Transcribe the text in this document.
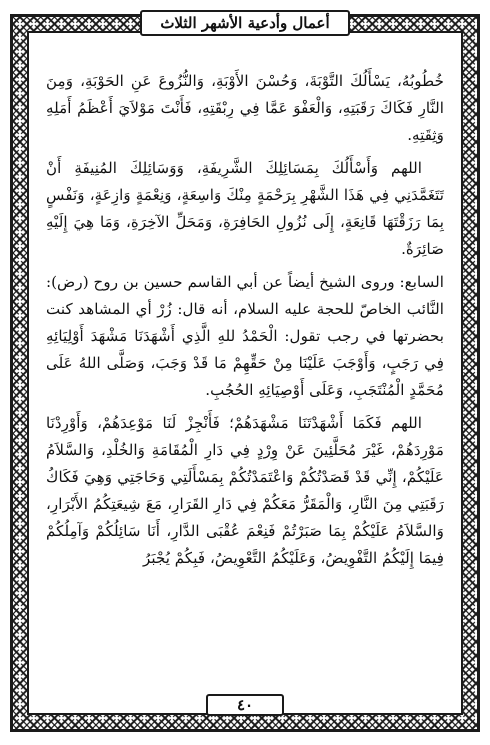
أعمال وأدعية الأشهر الثلاث

خُطُوبُهُ، يَسْأَلُكَ التَّوْبَةَ، وَحُسْنَ الأَوْبَةِ، وَالنُّزُوعَ عَنِ الحَوْبَةِ، وَمِنَ النَّارِ فَكَاكَ رَقَبَتِهِ، وَالْعَفْوَ عَمَّا فِي رِبْقَتِهِ، فَأَنْتَ مَوْلاَيَ أَعْظَمُ أَمَلِهِ وَثِقَتِهِ.

اللهم وَأَسْأَلُكَ بِمَسَائِلِكَ الشَّرِيفَةِ، وَوَسَائِلِكَ المُنِيفَةِ أَنْ تَتَغَمَّدَنِي فِي هَذَا الشَّهْرِ بِرَحْمَةٍ مِنْكَ وَاسِعَةٍ، وَنِعْمَةٍ وَازِعَةٍ، وَنَفْسٍ بِمَا رَزَقْتَهَا قَانِعَةٍ، إِلَى نُزُولِ الحَافِرَةِ، وَمَحَلِّ الآخِرَةِ، وَمَا هِيَ إِلَيْهِ صَائِرَةٌ.

السابع: وروى الشيخ أيضاً عن أبي القاسم حسين بن روح (رض): النَّائب الخاصّ للحجة عليه السلام، أنه قال: زُرْ أي المشاهد كنت بحضرتها في رجب تقول: الْحَمْدُ للهِ الَّذِي أَشْهَدَنَا مَشْهَدَ أَوْلِيَائِهِ فِي رَجَبٍ، وَأَوْجَبَ عَلَيْنَا مِنْ حَقِّهِمْ مَا قَدْ وَجَبَ، وَصَلَّى اللهُ عَلَى مُحَمَّدٍ الْمُنْتَجَبِ، وَعَلَى أَوْصِيَائِهِ الحُجُبِ.

اللهم فَكَمَا أَشْهَدْتَنَا مَشْهَدَهُمْ؛ فَأَنْجِزْ لَنَا مَوْعِدَهُمْ، وَأَوْرِدْنَا مَوْرِدَهُمْ، غَيْرَ مُحَلَّئِينَ عَنْ وِرْدٍ فِي دَارِ الْمُقَامَةِ وَالخُلْدِ، وَالسَّلاَمُ عَلَيْكُمْ، إِنِّي قَدْ قَصَدْتُكُمْ وَاعْتَمَدْتُكُمْ بِمَسْأَلَتِي وَحَاجَتِي وَهِيَ فَكَاكُ رَقَبَتِي مِنَ النَّارِ، وَالْمَقَرُّ مَعَكُمْ فِي دَارِ القَرَارِ، مَعَ شِيعَتِكُمُ الأَبْرَارِ، وَالسَّلاَمُ عَلَيْكُمْ بِمَا صَبَرْتُمْ فَنِعْمَ عُقْبَى الدَّارِ، أَنَا سَائِلُكُمْ وَآمِلُكُمْ فِيمَا إِلَيْكُمُ التَّفْوِيضُ، وَعَلَيْكُمُ التَّعْوِيضُ، فَبِكُمْ يُجْبَرُ

٤٠
